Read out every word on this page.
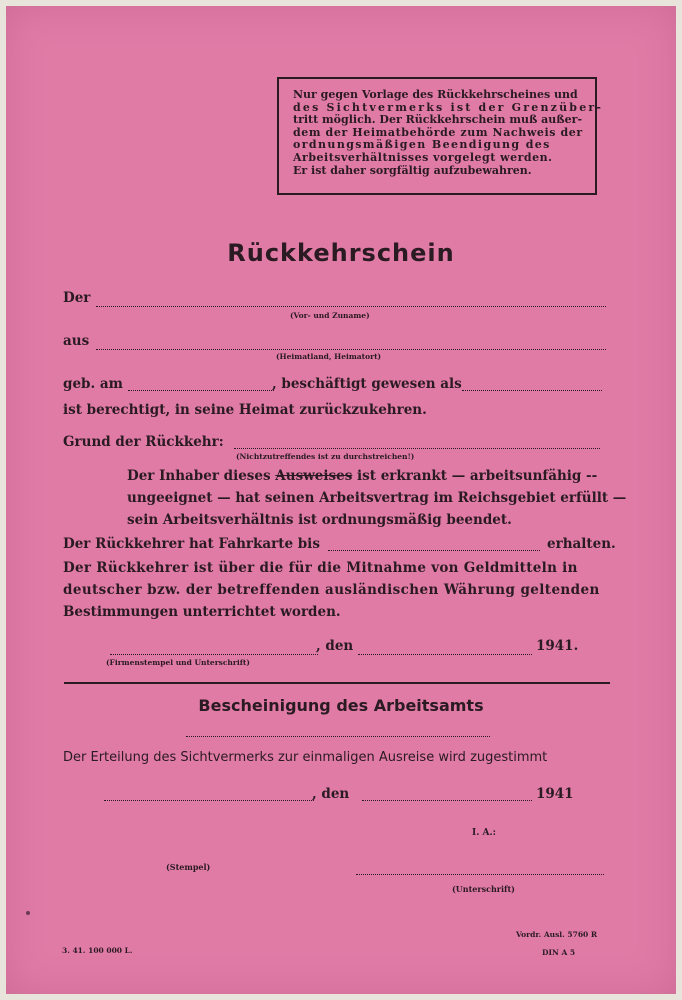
Nur gegen Vorlage des Rückkehrscheines und
des Sichtvermerks ist der Grenzüber-
tritt möglich. Der Rückkehrschein muß außer-
dem der Heimatbehörde zum Nachweis der
ordnungsmäßigen Beendigung des
Arbeitsverhältnisses vorgelegt werden.
Er ist daher sorgfältig aufzubewahren.
Rückkehrschein
Der
(Vor- und Zuname)
aus
(Heimatland, Heimatort)
geb. am	, beschäftigt gewesen als
ist berechtigt, in seine Heimat zurückzukehren.
Grund der Rückkehr:
(Nichtzutreffendes ist zu durchstreichen!)
Der Inhaber dieses Ausweises ist erkrankt — arbeitsunfähig --
ungeeignet — hat seinen Arbeitsvertrag im Reichsgebiet erfüllt —
sein Arbeitsverhältnis ist ordnungsmäßig beendet.
Der Rückkehrer hat Fahrkarte bis	erhalten.
Der Rückkehrer ist über die für die Mitnahme von Geldmitteln in
deutscher bzw. der betreffenden ausländischen Währung geltenden
Bestimmungen unterrichtet worden.
, den	1941.
(Firmenstempel und Unterschrift)
Bescheinigung des Arbeitsamts
Der Erteilung des Sichtvermerks zur einmaligen Ausreise wird zugestimmt
, den	1941
I. A.:
(Stempel)
(Unterschrift)
3. 41. 100 000 L.
Vordr. Ausl. 5760 R
DIN A 5
